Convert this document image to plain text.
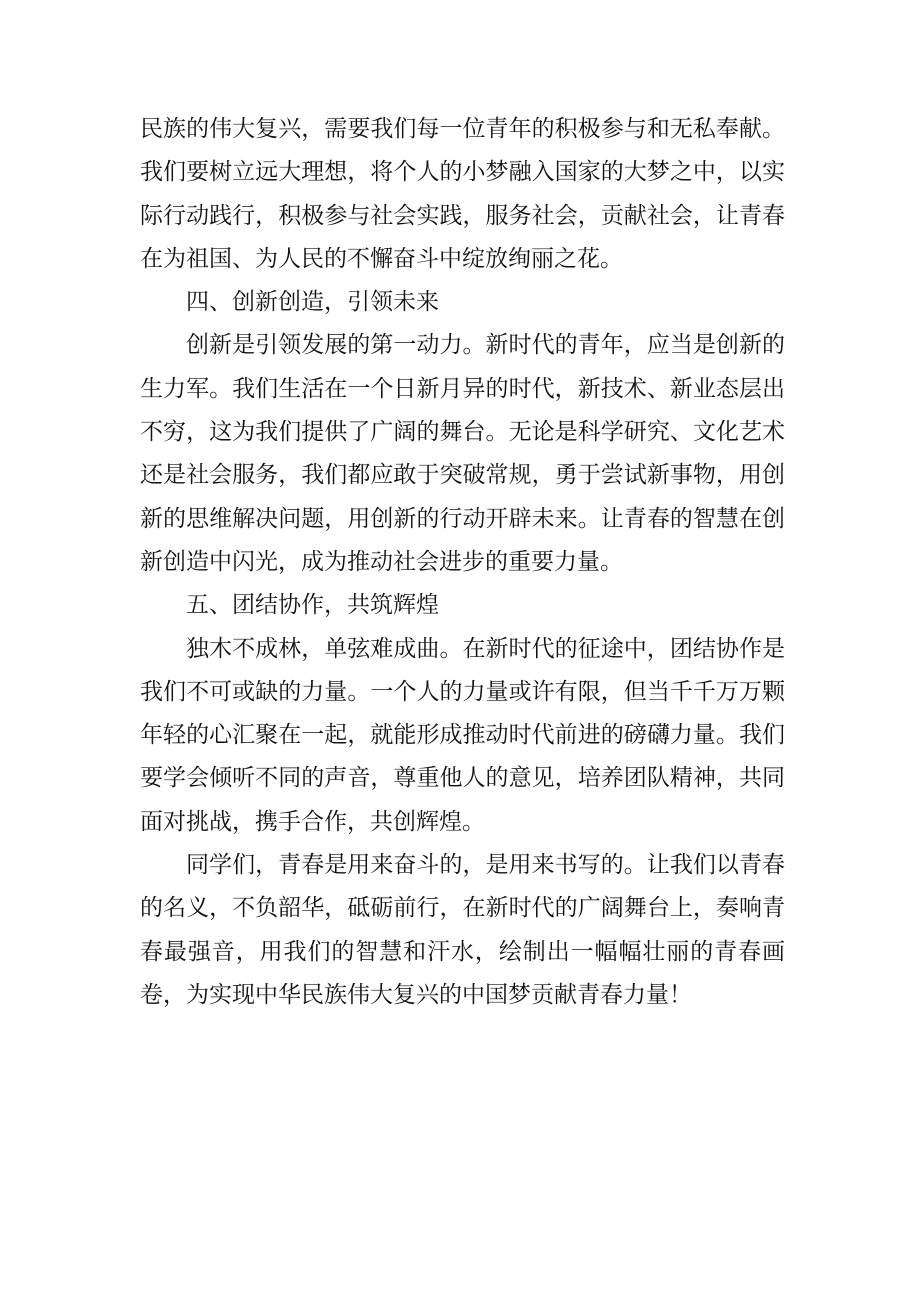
民族的伟大复兴，需要我们每一位青年的积极参与和无私奉献。我们要树立远大理想，将个人的小梦融入国家的大梦之中，以实际行动践行，积极参与社会实践，服务社会，贡献社会，让青春在为祖国、为人民的不懈奋斗中绽放绚丽之花。

四、创新创造，引领未来

创新是引领发展的第一动力。新时代的青年，应当是创新的生力军。我们生活在一个日新月异的时代，新技术、新业态层出不穷，这为我们提供了广阔的舞台。无论是科学研究、文化艺术还是社会服务，我们都应敢于突破常规，勇于尝试新事物，用创新的思维解决问题，用创新的行动开辟未来。让青春的智慧在创新创造中闪光，成为推动社会进步的重要力量。

五、团结协作，共筑辉煌

独木不成林，单弦难成曲。在新时代的征途中，团结协作是我们不可或缺的力量。一个人的力量或许有限，但当千千万万颗年轻的心汇聚在一起，就能形成推动时代前进的磅礴力量。我们要学会倾听不同的声音，尊重他人的意见，培养团队精神，共同面对挑战，携手合作，共创辉煌。

同学们，青春是用来奋斗的，是用来书写的。让我们以青春的名义，不负韶华，砥砺前行，在新时代的广阔舞台上，奏响青春最强音，用我们的智慧和汗水，绘制出一幅幅壮丽的青春画卷，为实现中华民族伟大复兴的中国梦贡献青春力量！
